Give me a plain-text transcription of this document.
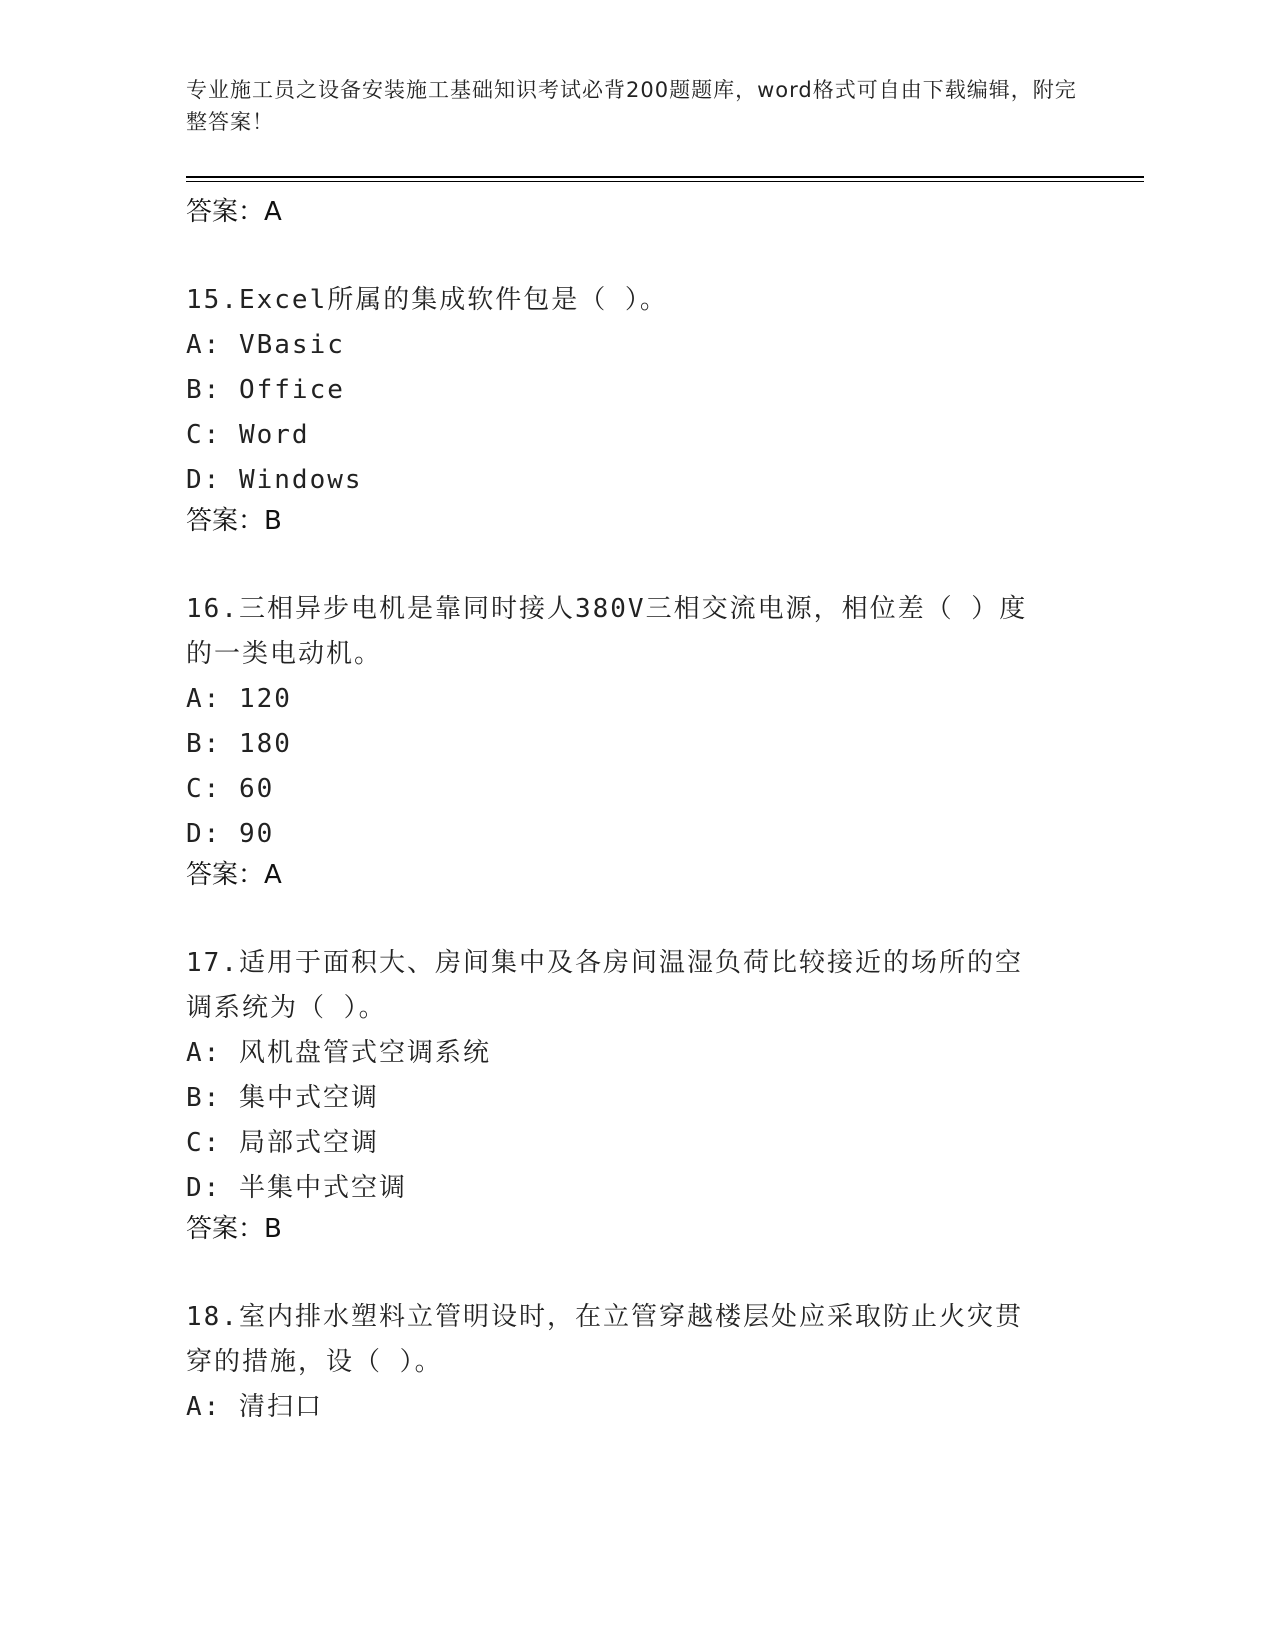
专业施工员之设备安装施工基础知识考试必背200题题库，word格式可自由下载编辑，附完整答案！
答案：A
15.Excel所属的集成软件包是（ ）。
A: VBasic
B: Office
C: Word
D: Windows
答案：B
16.三相异步电机是靠同时接人380V三相交流电源，相位差（ ）度的一类电动机。
A: 120
B: 180
C: 60
D: 90
答案：A
17.适用于面积大、房间集中及各房间温湿负荷比较接近的场所的空调系统为（ ）。
A: 风机盘管式空调系统
B: 集中式空调
C: 局部式空调
D: 半集中式空调
答案：B
18.室内排水塑料立管明设时，在立管穿越楼层处应采取防止火灾贯穿的措施，设（ ）。
A: 清扫口
